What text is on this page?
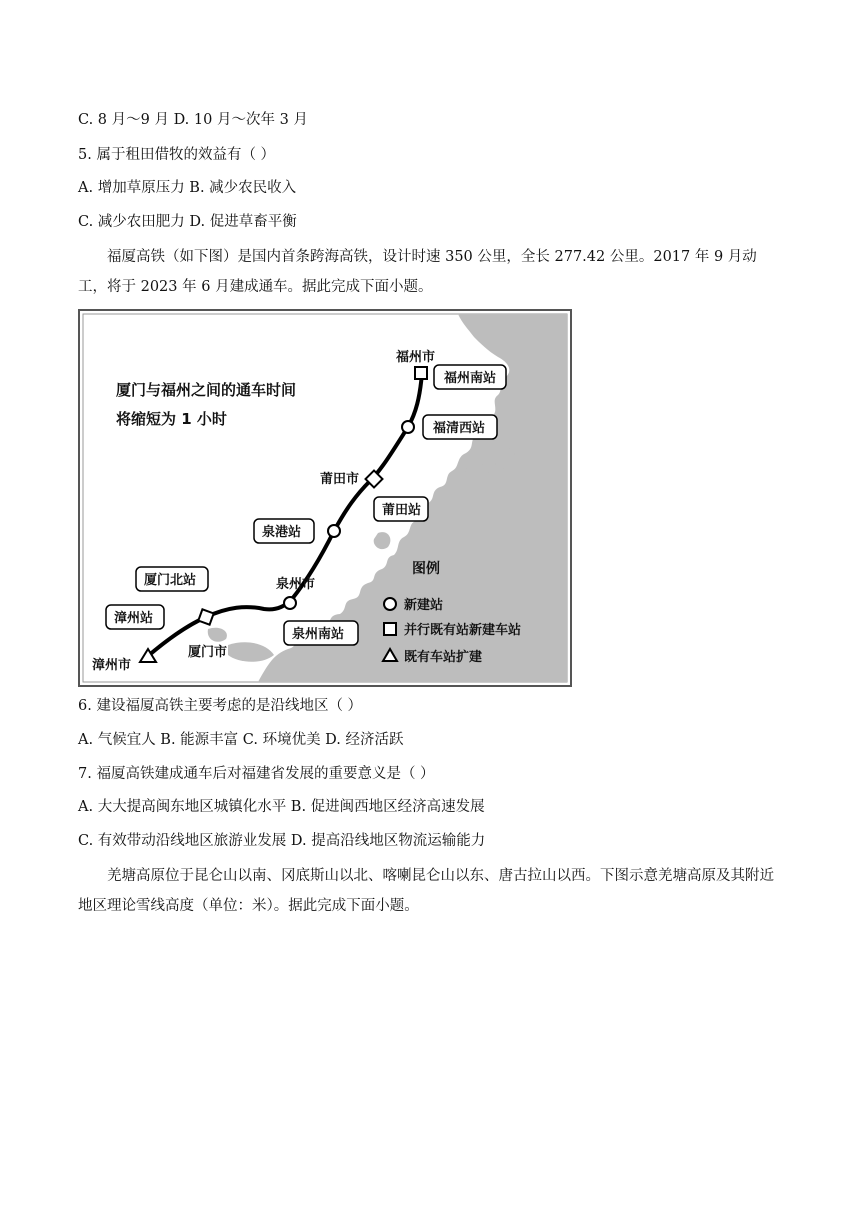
C. 8 月～9 月 D. 10 月～次年 3 月
5. 属于租田借牧的效益有（ ）
A. 增加草原压力 B. 减少农民收入
C. 减少农田肥力 D. 促进草畜平衡
福厦高铁（如下图）是国内首条跨海高铁，设计时速 350 公里，全长 277.42 公里。2017 年 9 月动工，将于 2023 年 6 月建成通车。据此完成下面小题。
厦门与福州之间的通车时间
将缩短为 1 小时
福州市
福州南站
福清西站
莆田市
莆田站
泉港站
泉州市
泉州南站
厦门北站
厦门市
漳州站
漳州市
图例
新建站
并行既有站新建车站
既有车站扩建
6. 建设福厦高铁主要考虑的是沿线地区（ ）
A. 气候宜人 B. 能源丰富 C. 环境优美 D. 经济活跃
7. 福厦高铁建成通车后对福建省发展的重要意义是（ ）
A. 大大提高闽东地区城镇化水平 B. 促进闽西地区经济高速发展
C. 有效带动沿线地区旅游业发展 D. 提高沿线地区物流运输能力
羌塘高原位于昆仑山以南、冈底斯山以北、喀喇昆仑山以东、唐古拉山以西。下图示意羌塘高原及其附近地区理论雪线高度（单位：米）。据此完成下面小题。
